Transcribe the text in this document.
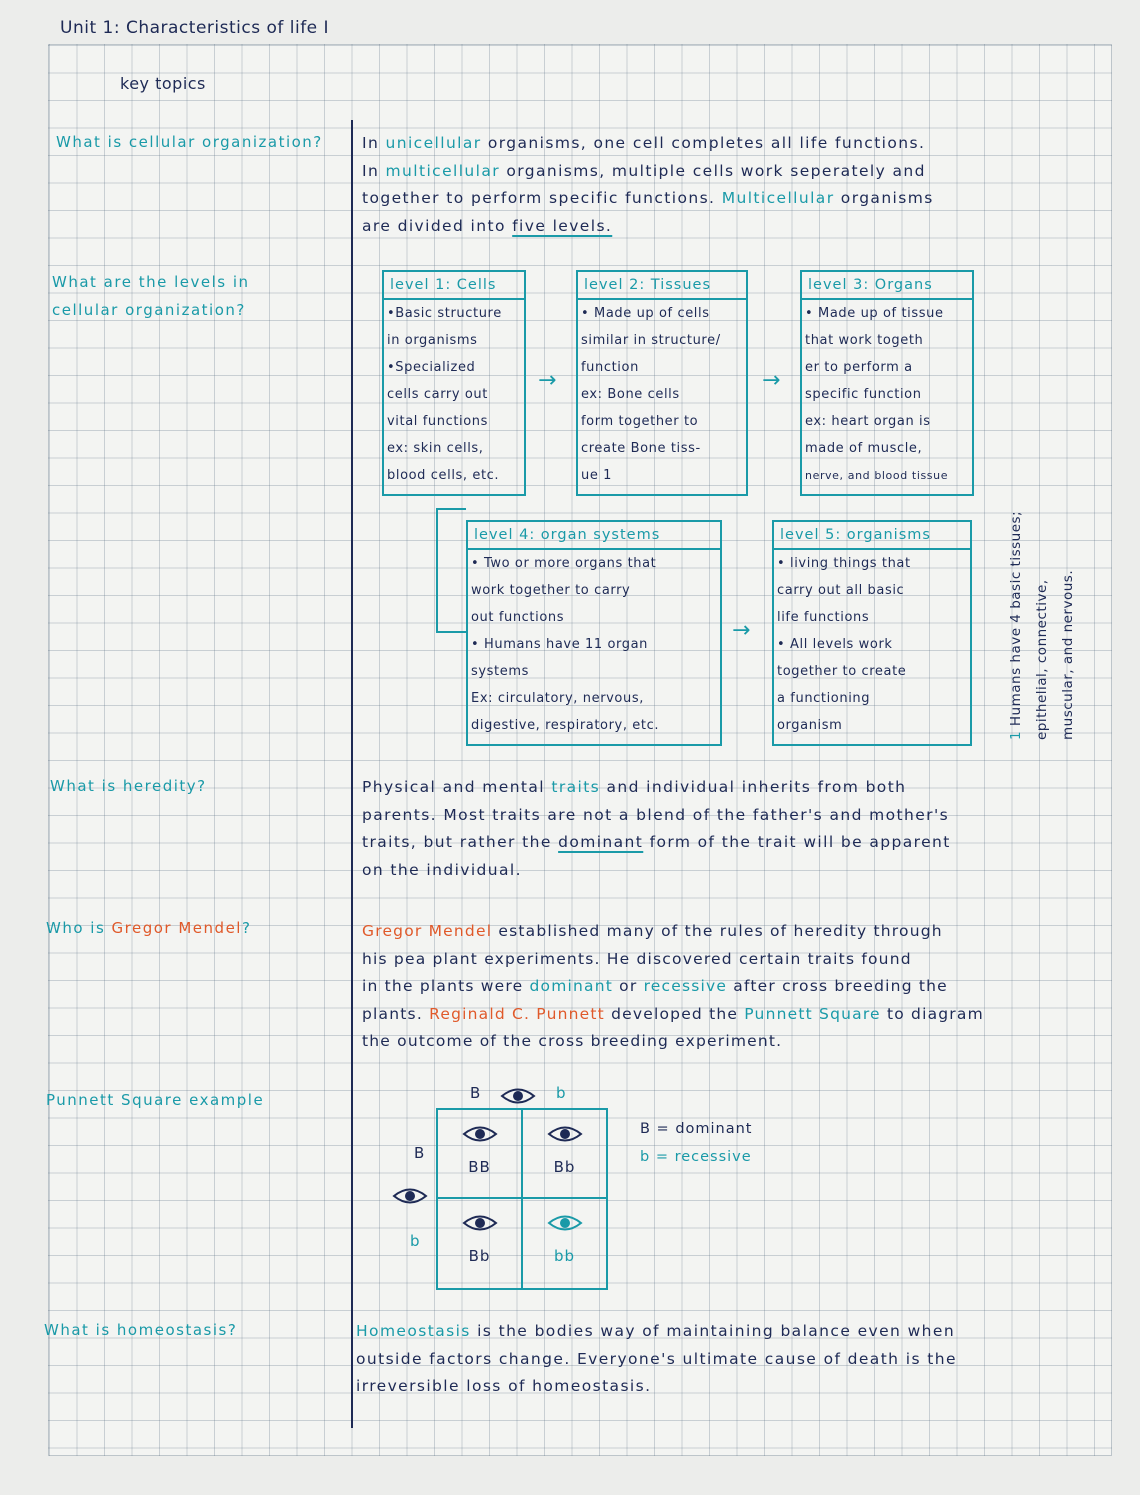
Unit 1: Characteristics of life I
key topics
What is cellular organization?	In unicellular organisms, one cell completes all life functions.
In multicellular organisms, multiple cells work seperately and
together to perform specific functions. Multicellular organisms
are divided into five levels.
What are the levels in
cellular organization?
level 1: Cells
•Basic structure
in organisms
•Specialized
cells carry out
vital functions
ex: skin cells,
blood cells, etc.
→
level 2: Tissues
• Made up of cells
similar in structure/
function
ex: Bone cells
form together to
create Bone tiss-
ue 1
→
level 3: Organs
• Made up of tissue
that work togeth
er to perform a
specific function
ex: heart organ is
made of muscle,
nerve, and blood tissue
level 4: organ systems
• Two or more organs that
work together to carry
out functions
• Humans have 11 organ
systems
Ex: circulatory, nervous,
digestive, respiratory, etc.
→
level 5: organisms
• living things that
carry out all basic
life functions
• All levels work
together to create
a functioning
organism
1 Humans have 4 basic tissues; epithelial, connective, muscular, and nervous.
What is heredity?	Physical and mental traits and individual inherits from both
parents. Most traits are not a blend of the father's and mother's
traits, but rather the dominant form of the trait will be apparent
on the individual.
Who is Gregor Mendel?	Gregor Mendel established many of the rules of heredity through
his pea plant experiments. He discovered certain traits found
in the plants were dominant or recessive after cross breeding the
plants. Reginald C. Punnett developed the Punnett Square to diagram
the outcome of the cross breeding experiment.
Punnett Square example	B	b
B
b
BB	Bb
Bb	bb
B = dominant
b = recessive
What is homeostasis?	Homeostasis is the bodies way of maintaining balance even when
outside factors change. Everyone's ultimate cause of death is the
irreversible loss of homeostasis.
